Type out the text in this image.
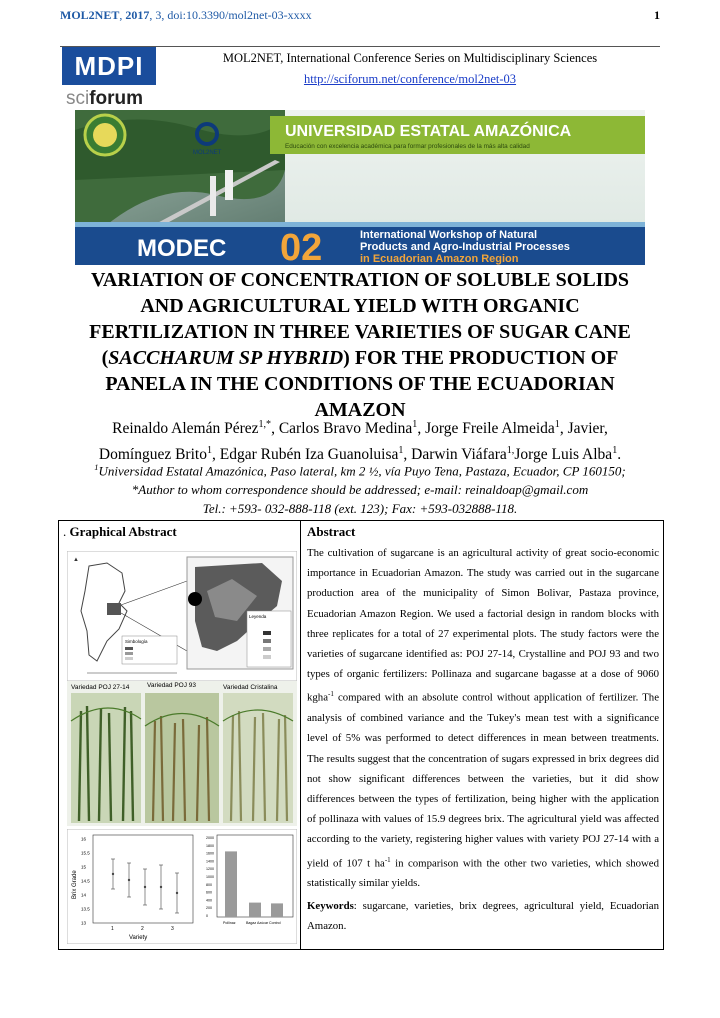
MOL2NET, 2017, 3, doi:10.3390/mol2net-03-xxxx	1
MDPI
sciforum
MOL2NET, International Conference Series on Multidisciplinary Sciences
http://sciforum.net/conference/mol2net-03
MOL2NET
UNIVERSIDAD ESTATAL AMAZÓNICA
Educación con excelencia académica para formar profesionales de la más alta calidad
MODEC 02	International Workshop of Natural
Products and Agro-Industrial Processes
in Ecuadorian Amazon Region
VARIATION OF CONCENTRATION OF SOLUBLE SOLIDS
AND AGRICULTURAL YIELD WITH ORGANIC
FERTILIZATION IN THREE VARIETIES OF SUGAR CANE
(SACCHARUM SP HYBRID) FOR THE PRODUCTION OF
PANELA IN THE CONDITIONS OF THE ECUADORIAN
AMAZON
Reinaldo Alemán Pérez$^{1,*}$, Carlos Bravo Medina$^1$, Jorge Freile Almeida$^1$, Javier,
Domínguez Brito$^1$, Edgar Rubén Iza Guanoluisa$^1$, Darwin Viáfara$^{1,}$Jorge Luis Alba$^1$.
$^1$Universidad Estatal Amazónica, Paso lateral, km 2 ½, vía Puyo Tena, Pastaza, Ecuador, CP 160150;
*Author to whom correspondence should be addressed; e-mail: reinaldoap@gmail.com
Tel.: +593- 032-888-118 (ext. 123); Fax: +593-032888-118.
. Graphical Abstract
▲
Leyenda
Simbología
Variedad POJ 27-14	Variedad POJ 93	Variedad Cristalina
Brix Grade
16
15.5
15
14.5
14
13.5
13
1	2	3
Variety
2000
1800
1600
1400
1200
1000
800
600
400
200
0
Pollinaz	Bagaz Azúcar Control
Abstract
The cultivation of sugarcane is an agricultural activity of great socio-economic importance in Ecuadorian Amazon. The study was carried out in the sugarcane production area of the municipality of Simon Bolivar, Pastaza province, Ecuadorian Amazon Region. We used a factorial design in random blocks with three replicates for a total of 27 experimental plots. The study factors were the varieties of sugarcane identified as: POJ 27-14, Crystalline and POJ 93 and two types of organic fertilizers: Pollinaza and sugarcane bagasse at a dose of 9060 kgha$^{-1}$ compared with an absolute control without application of fertilizer. The analysis of combined variance and the Tukey's mean test with a significance level of 5% was performed to detect differences in mean between treatments. The results suggest that the concentration of sugars expressed in brix degrees did not show significant differences between the varieties, but it did show differences between the types of fertilization, being higher with the application of pollinaza with values of 15.9 degrees brix. The agricultural yield was affected according to the variety, registering higher values with variety POJ 27-14 with a yield of 107 t $ha^{-1}$ in comparison with the other two varieties, which showed statistically similar yields.
Keywords: sugarcane, varieties, brix degrees, agricultural yield, Ecuadorian Amazon.
